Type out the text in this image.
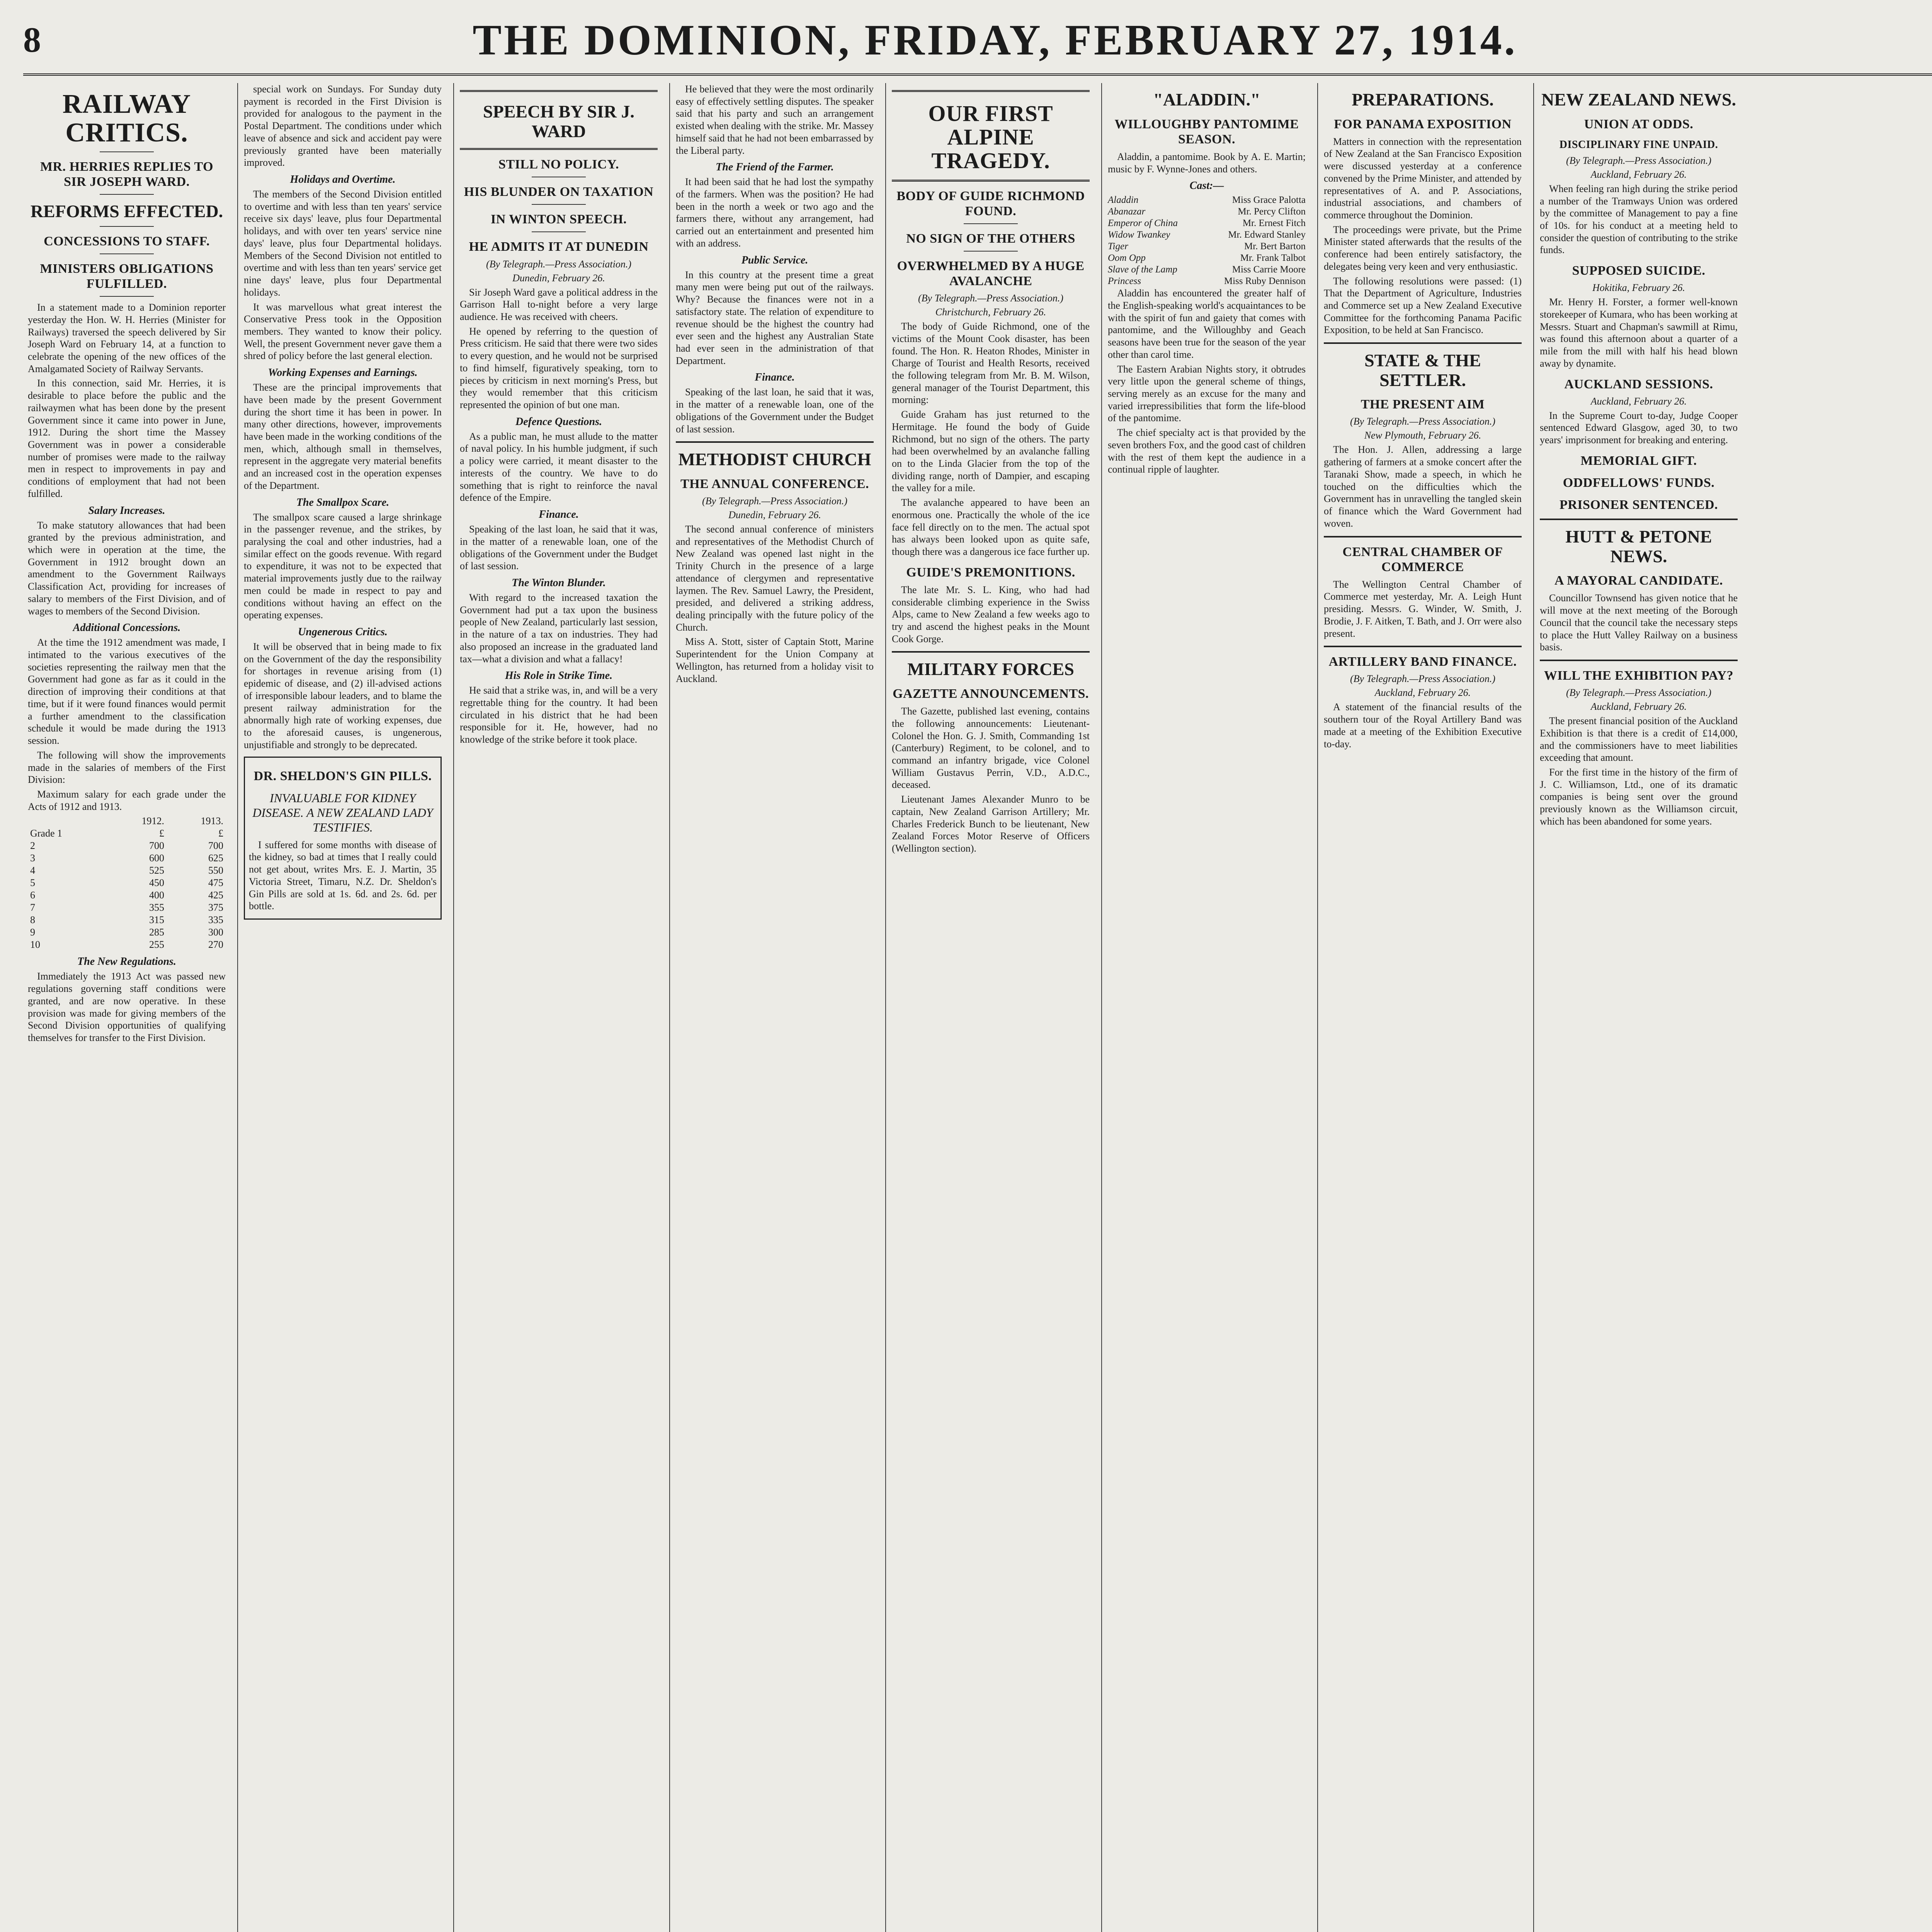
8	THE DOMINION, FRIDAY, FEBRUARY 27, 1914.
RAILWAY CRITICS.
MR. HERRIES REPLIES TO SIR JOSEPH WARD.
REFORMS EFFECTED.
CONCESSIONS TO STAFF.
MINISTERS OBLIGATIONS FULFILLED.

In a statement made to a Dominion reporter yesterday the Hon. W. H. Herries (Minister for Railways) traversed the speech delivered by Sir Joseph Ward on February 14, at a function to celebrate the opening of the new offices of the Amalgamated Society of Railway Servants.

In this connection, said Mr. Herries, it is desirable to place before the public and the railwaymen what has been done by the present Government since it came into power in June, 1912. During the short time the Massey Government was in power a considerable number of promises were made to the railway men in respect to improvements in pay and conditions of employment that had not been fulfilled.

Salary Increases.

To make statutory allowances that had been granted by the previous administration, and which were in operation at the time, the Government in 1912 brought down an amendment to the Government Railways Classification Act, providing for increases of salary to members of the First Division, and of wages to members of the Second Division.

Additional Concessions.

At the time the 1912 amendment was made, I intimated to the various executives of the societies representing the railway men that the Government had gone as far as it could in the direction of improving their conditions at that time, but if it were found finances would permit a further amendment to the classification schedule it would be made during the 1913 session.

The following will show the improvements made in the salaries of members of the First Division:

Maximum salary for each grade under the Acts of 1912 and 1913.

	1912.	1913.
Grade 1	£	£
2	700	700
3	600	625
4	525	550
5	450	475
6	400	425
7	355	375
8	315	335
9	285	300
10	255	270
The New Regulations.

Immediately the 1913 Act was passed new regulations governing staff conditions were granted, and are now operative. In these provision was made for giving members of the Second Division opportunities of qualifying themselves for transfer to the First Division.

special work on Sundays. For Sunday duty payment is recorded in the First Division is provided for analogous to the payment in the Postal Department. The conditions under which leave of absence and sick and accident pay were previously granted have been materially improved.

Holidays and Overtime.

The members of the Second Division entitled to overtime and with less than ten years' service receive six days' leave, plus four Departmental holidays, and with over ten years' service nine days' leave, plus four Departmental holidays. Members of the Second Division not entitled to overtime and with less than ten years' service get nine days' leave, plus four Departmental holidays.

It was marvellous what great interest the Conservative Press took in the Opposition members. They wanted to know their policy. Well, the present Government never gave them a shred of policy before the last general election.

Working Expenses and Earnings.

These are the principal improvements that have been made by the present Government during the short time it has been in power. In many other directions, however, improvements have been made in the working conditions of the men, which, although small in themselves, represent in the aggregate very material benefits and an increased cost in the operation expenses of the Department.

The Smallpox Scare.

The smallpox scare caused a large shrinkage in the passenger revenue, and the strikes, by paralysing the coal and other industries, had a similar effect on the goods revenue. With regard to expenditure, it was not to be expected that material improvements justly due to the railway men could be made in respect to pay and conditions without having an effect on the operating expenses.

Ungenerous Critics.

It will be observed that in being made to fix on the Government of the day the responsibility for shortages in revenue arising from (1) epidemic of disease, and (2) ill-advised actions of irresponsible labour leaders, and to blame the present railway administration for the abnormally high rate of working expenses, due to the aforesaid causes, is ungenerous, unjustifiable and strongly to be deprecated.

DR. SHELDON'S GIN PILLS.
INVALUABLE FOR KIDNEY DISEASE. A NEW ZEALAND LADY TESTIFIES.

I suffered for some months with disease of the kidney, so bad at times that I really could not get about, writes Mrs. E. J. Martin, 35 Victoria Street, Timaru, N.Z. Dr. Sheldon's Gin Pills are sold at 1s. 6d. and 2s. 6d. per bottle.

SPEECH BY SIR J. WARD
STILL NO POLICY.
HIS BLUNDER ON TAXATION
IN WINTON SPEECH.
HE ADMITS IT AT DUNEDIN
(By Telegraph.—Press Association.)
Dunedin, February 26.

Sir Joseph Ward gave a political address in the Garrison Hall to-night before a very large audience. He was received with cheers.

He opened by referring to the question of Press criticism. He said that there were two sides to every question, and he would not be surprised to find himself, figuratively speaking, torn to pieces by criticism in next morning's Press, but they would remember that this criticism represented the opinion of but one man.

Defence Questions.

As a public man, he must allude to the matter of naval policy. In his humble judgment, if such a policy were carried, it meant disaster to the interests of the country. We have to do something that is right to reinforce the naval defence of the Empire.

Finance.

Speaking of the last loan, he said that it was, in the matter of a renewable loan, one of the obligations of the Government under the Budget of last session.

The Winton Blunder.

With regard to the increased taxation the Government had put a tax upon the business people of New Zealand, particularly last session, in the nature of a tax on industries. They had also proposed an increase in the graduated land tax—what a division and what a fallacy!

His Role in Strike Time.

He said that a strike was, in, and will be a very regrettable thing for the country. It had been circulated in his district that he had been responsible for it. He, however, had no knowledge of the strike before it took place.

He believed that they were the most ordinarily easy of effectively settling disputes. The speaker said that his party and such an arrangement existed when dealing with the strike. Mr. Massey himself said that he had not been embarrassed by the Liberal party.

The Friend of the Farmer.

It had been said that he had lost the sympathy of the farmers. When was the position? He had been in the north a week or two ago and the farmers there, without any arrangement, had carried out an entertainment and presented him with an address.

Public Service.

In this country at the present time a great many men were being put out of the railways. Why? Because the finances were not in a satisfactory state. The relation of expenditure to revenue should be the highest the country had ever seen and the highest any Australian State had ever seen in the administration of that Department.

Finance.

Speaking of the last loan, he said that it was, in the matter of a renewable loan, one of the obligations of the Government under the Budget of last session.

METHODIST CHURCH
THE ANNUAL CONFERENCE.
(By Telegraph.—Press Association.)
Dunedin, February 26.

The second annual conference of ministers and representatives of the Methodist Church of New Zealand was opened last night in the Trinity Church in the presence of a large attendance of clergymen and representative laymen. The Rev. Samuel Lawry, the President, presided, and delivered a striking address, dealing principally with the future policy of the Church.

Miss A. Stott, sister of Captain Stott, Marine Superintendent for the Union Company at Wellington, has returned from a holiday visit to Auckland.

OUR FIRST ALPINE TRAGEDY.
BODY OF GUIDE RICHMOND FOUND.
NO SIGN OF THE OTHERS
OVERWHELMED BY A HUGE AVALANCHE
(By Telegraph.—Press Association.)
Christchurch, February 26.

The body of Guide Richmond, one of the victims of the Mount Cook disaster, has been found. The Hon. R. Heaton Rhodes, Minister in Charge of Tourist and Health Resorts, received the following telegram from Mr. B. M. Wilson, general manager of the Tourist Department, this morning:

Guide Graham has just returned to the Hermitage. He found the body of Guide Richmond, but no sign of the others. The party had been overwhelmed by an avalanche falling on to the Linda Glacier from the top of the dividing range, north of Dampier, and escaping the valley for a mile.

The avalanche appeared to have been an enormous one. Practically the whole of the ice face fell directly on to the men. The actual spot has always been looked upon as quite safe, though there was a dangerous ice face further up.

GUIDE'S PREMONITIONS.

The late Mr. S. L. King, who had had considerable climbing experience in the Swiss Alps, came to New Zealand a few weeks ago to try and ascend the highest peaks in the Mount Cook Gorge.

MILITARY FORCES
GAZETTE ANNOUNCEMENTS.

The Gazette, published last evening, contains the following announcements: Lieutenant-Colonel the Hon. G. J. Smith, Commanding 1st (Canterbury) Regiment, to be colonel, and to command an infantry brigade, vice Colonel William Gustavus Perrin, V.D., A.D.C., deceased.

Lieutenant James Alexander Munro to be captain, New Zealand Garrison Artillery; Mr. Charles Frederick Bunch to be lieutenant, New Zealand Forces Motor Reserve of Officers (Wellington section).

"ALADDIN."
WILLOUGHBY PANTOMIME SEASON.

Aladdin, a pantomime. Book by A. E. Martin; music by F. Wynne-Jones and others.

Cast:—
Aladdin	Miss Grace Palotta
Abanazar	Mr. Percy Clifton
Emperor of China	Mr. Ernest Fitch
Widow Twankey	Mr. Edward Stanley
Tiger	Mr. Bert Barton
Oom Opp	Mr. Frank Talbot
Slave of the Lamp	Miss Carrie Moore
Princess	Miss Ruby Dennison

Aladdin has encountered the greater half of the English-speaking world's acquaintances to be with the spirit of fun and gaiety that comes with pantomime, and the Willoughby and Geach seasons have been true for the season of the year other than carol time.

The Eastern Arabian Nights story, it obtrudes very little upon the general scheme of things, serving merely as an excuse for the many and varied irrepressibilities that form the life-blood of the pantomime.

The chief specialty act is that provided by the seven brothers Fox, and the good cast of children with the rest of them kept the audience in a continual ripple of laughter.

PREPARATIONS.
FOR PANAMA EXPOSITION

Matters in connection with the representation of New Zealand at the San Francisco Exposition were discussed yesterday at a conference convened by the Prime Minister, and attended by representatives of A. and P. Associations, industrial associations, and chambers of commerce throughout the Dominion.

The proceedings were private, but the Prime Minister stated afterwards that the results of the conference had been entirely satisfactory, the delegates being very keen and very enthusiastic.

The following resolutions were passed: (1) That the Department of Agriculture, Industries and Commerce set up a New Zealand Executive Committee for the forthcoming Panama Pacific Exposition, to be held at San Francisco.

STATE & THE SETTLER.
THE PRESENT AIM
(By Telegraph.—Press Association.)
New Plymouth, February 26.

The Hon. J. Allen, addressing a large gathering of farmers at a smoke concert after the Taranaki Show, made a speech, in which he touched on the difficulties which the Government has in unravelling the tangled skein of finance which the Ward Government had woven.

CENTRAL CHAMBER OF COMMERCE

The Wellington Central Chamber of Commerce met yesterday, Mr. A. Leigh Hunt presiding. Messrs. G. Winder, W. Smith, J. Brodie, J. F. Aitken, T. Bath, and J. Orr were also present.

ARTILLERY BAND FINANCE.
(By Telegraph.—Press Association.)
Auckland, February 26.

A statement of the financial results of the southern tour of the Royal Artillery Band was made at a meeting of the Exhibition Executive to-day.

NEW ZEALAND NEWS.
UNION AT ODDS.
DISCIPLINARY FINE UNPAID.
(By Telegraph.—Press Association.)
Auckland, February 26.

When feeling ran high during the strike period a number of the Tramways Union was ordered by the committee of Management to pay a fine of 10s. for his conduct at a meeting held to consider the question of contributing to the strike funds.

SUPPOSED SUICIDE.
Hokitika, February 26.

Mr. Henry H. Forster, a former well-known storekeeper of Kumara, who has been working at Messrs. Stuart and Chapman's sawmill at Rimu, was found this afternoon about a quarter of a mile from the mill with half his head blown away by dynamite.

AUCKLAND SESSIONS.
Auckland, February 26.

In the Supreme Court to-day, Judge Cooper sentenced Edward Glasgow, aged 30, to two years' imprisonment for breaking and entering.

MEMORIAL GIFT.
ODDFELLOWS' FUNDS.
PRISONER SENTENCED.
HUTT & PETONE NEWS.
A MAYORAL CANDIDATE.

Councillor Townsend has given notice that he will move at the next meeting of the Borough Council that the council take the necessary steps to place the Hutt Valley Railway on a business basis.

WILL THE EXHIBITION PAY?
(By Telegraph.—Press Association.)
Auckland, February 26.

The present financial position of the Auckland Exhibition is that there is a credit of £14,000, and the commissioners have to meet liabilities exceeding that amount.

For the first time in the history of the firm of J. C. Williamson, Ltd., one of its dramatic companies is being sent over the ground previously known as the Williamson circuit, which has been abandoned for some years.
